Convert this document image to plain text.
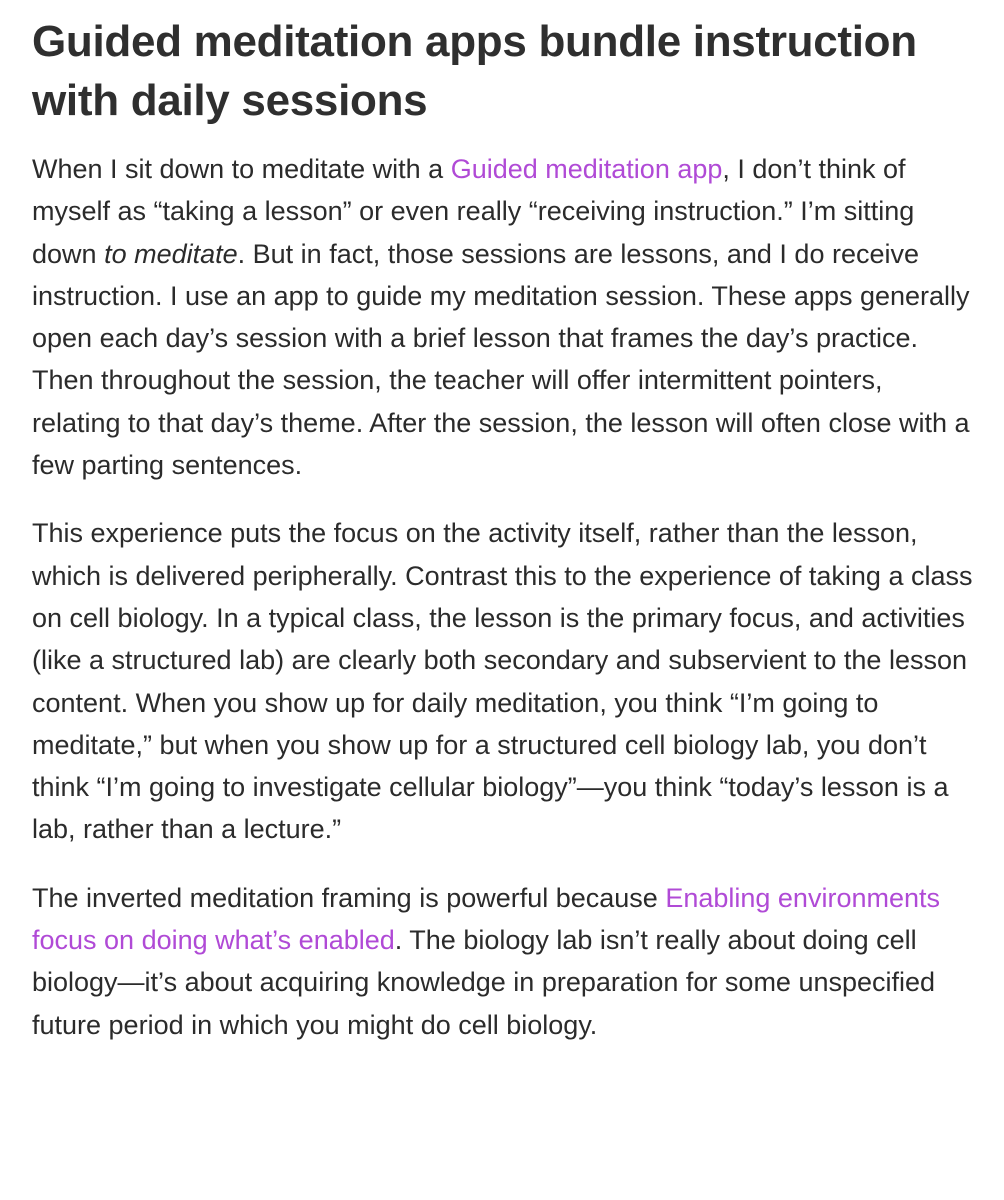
Guided meditation apps bundle instruction with daily sessions

When I sit down to meditate with a Guided meditation app, I don’t think of myself as “taking a lesson” or even really “receiving instruction.” I’m sitting down to meditate. But in fact, those sessions are lessons, and I do receive instruction. I use an app to guide my meditation session. These apps generally open each day’s session with a brief lesson that frames the day’s practice. Then throughout the session, the teacher will offer intermittent pointers, relating to that day’s theme. After the session, the lesson will often close with a few parting sentences.

This experience puts the focus on the activity itself, rather than the lesson, which is delivered peripherally. Contrast this to the experience of taking a class on cell biology. In a typical class, the lesson is the primary focus, and activities (like a structured lab) are clearly both secondary and subservient to the lesson content. When you show up for daily meditation, you think “I’m going to meditate,” but when you show up for a structured cell biology lab, you don’t think “I’m going to investigate cellular biology”—you think “today’s lesson is a lab, rather than a lecture.”

The inverted meditation framing is powerful because Enabling environments focus on doing what’s enabled. The biology lab isn’t really about doing cell biology—it’s about acquiring knowledge in preparation for some unspecified future period in which you might do cell biology.
